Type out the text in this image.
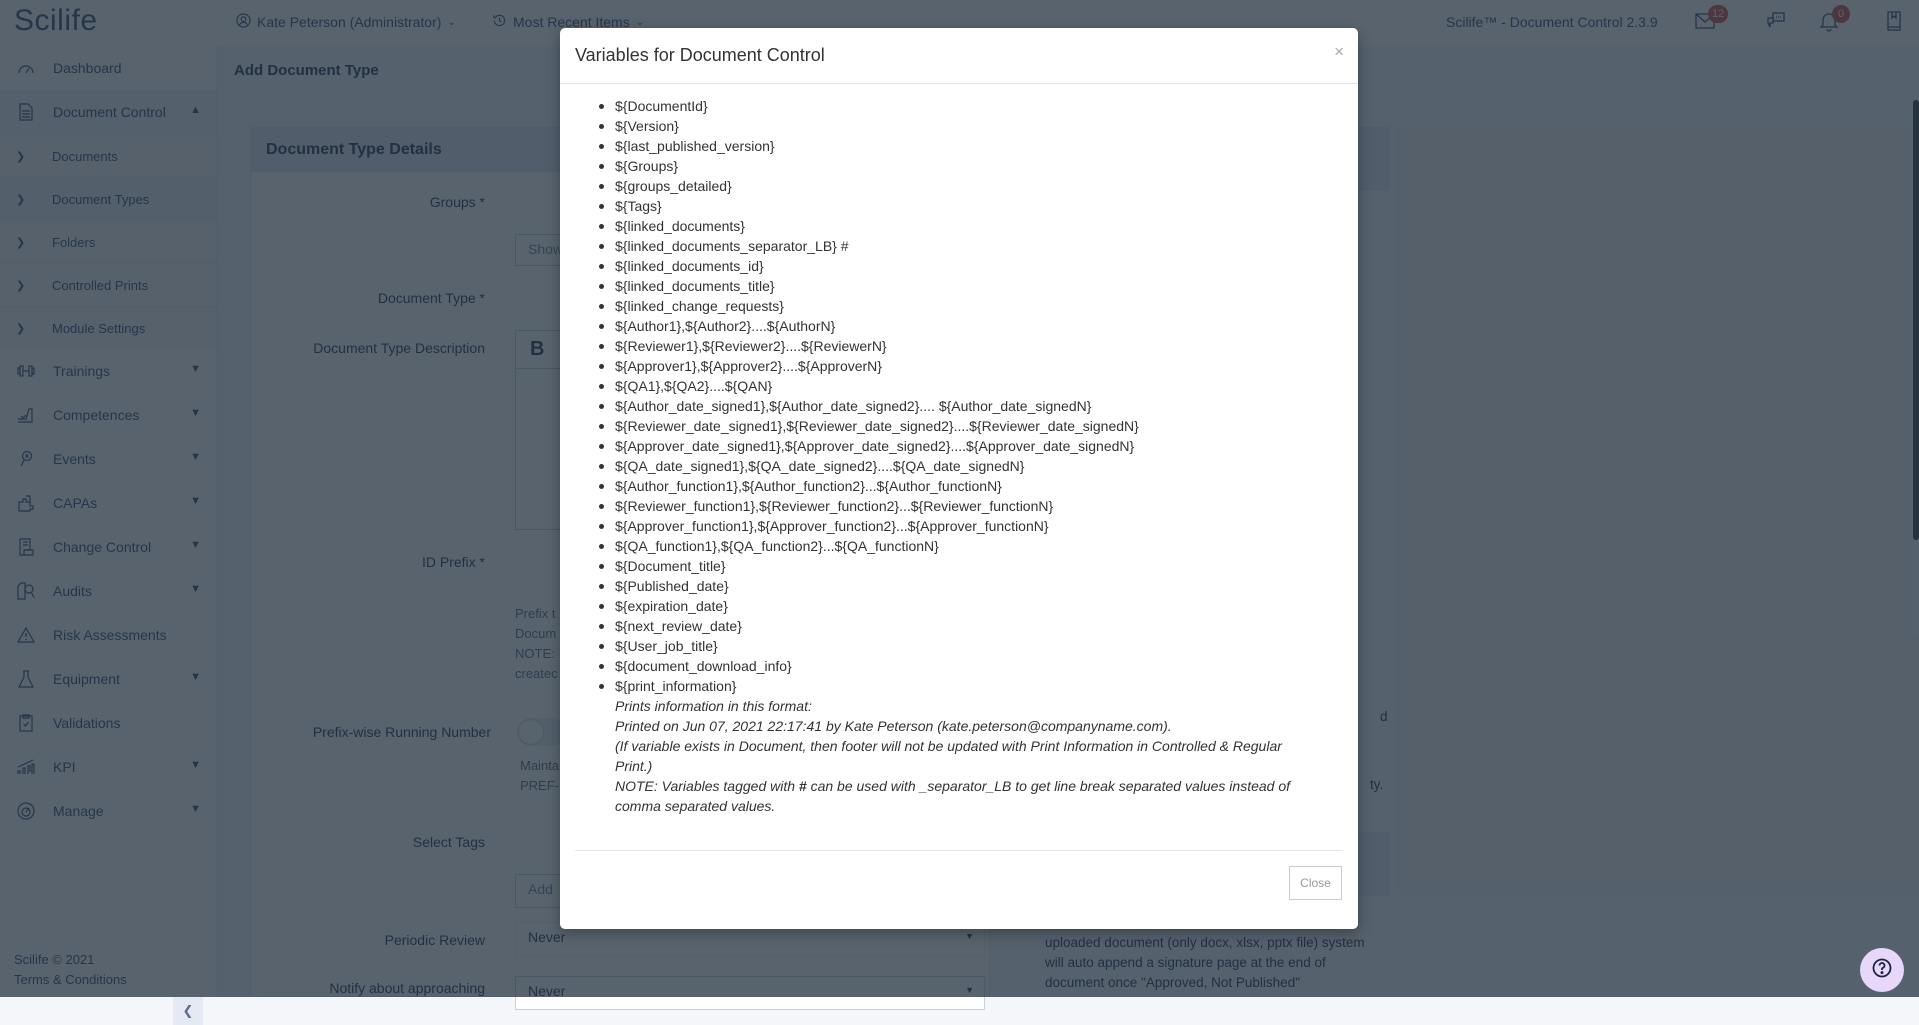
❮
Variables for Document Control	×
${DocumentId}
${Version}
${last_published_version}
${Groups}
${groups_detailed}
${Tags}
${linked_documents}
${linked_documents_separator_LB} #
${linked_documents_id}
${linked_documents_title}
${linked_change_requests}
${Author1},${Author2}....${AuthorN}
${Reviewer1},${Reviewer2}....${ReviewerN}
${Approver1},${Approver2}....${ApproverN}
${QA1},${QA2}....${QAN}
${Author_date_signed1},${Author_date_signed2}.... ${Author_date_signedN}
${Reviewer_date_signed1},${Reviewer_date_signed2}....${Reviewer_date_signedN}
${Approver_date_signed1},${Approver_date_signed2}....${Approver_date_signedN}
${QA_date_signed1},${QA_date_signed2}....${QA_date_signedN}
${Author_function1},${Author_function2}...${Author_functionN}
${Reviewer_function1},${Reviewer_function2}...${Reviewer_functionN}
${Approver_function1},${Approver_function2}...${Approver_functionN}
${QA_function1},${QA_function2}...${QA_functionN}
${Document_title}
${Published_date}
${expiration_date}
${next_review_date}
${User_job_title}
${document_download_info}
${print_information}
Prints information in this format:
Printed on Jun 07, 2021 22:17:41 by Kate Peterson (kate.peterson@companyname.com).
(If variable exists in Document, then footer will not be updated with Print Information in Controlled & Regular Print.)
NOTE: Variables tagged with # can be used with _separator_LB to get line break separated values instead of comma separated values.
Close
